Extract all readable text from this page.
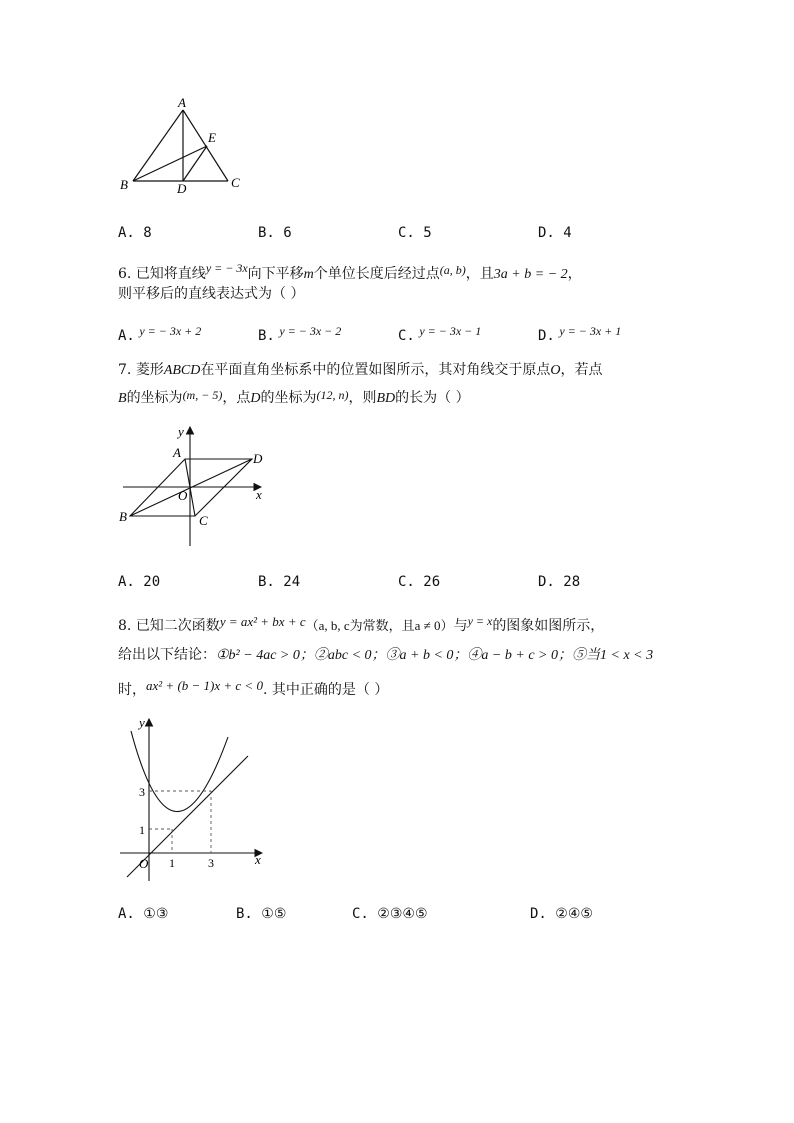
A
E
B	D	C
A. 8	B. 6	C. 5	D. 4
6. 已知将直线y = − 3x向下平移m个单位长度后经过点(a, b)，且3a + b = − 2，
则平移后的直线表达式为（ ）
A. y = − 3x + 2	B. y = − 3x − 2	C. y = − 3x − 1	D. y = − 3x + 1
7. 菱形ABCD在平面直角坐标系中的位置如图所示，其对角线交于原点O，若点
B的坐标为(m, − 5)，点D的坐标为(12, n)，则BD的长为（ ）
y
x
A	D
O
B	C
A. 20	B. 24	C. 26	D. 28
8. 已知二次函数y = ax² + bx + c（a, b, c为常数，且a ≠ 0）与y = x的图象如图所示，
给出以下结论：①b² − 4ac > 0；②abc < 0；③a + b < 0；④a − b + c > 0；⑤当1 < x < 3
时，ax² + (b − 1)x + c < 0. 其中正确的是（ ）
y
x
O
3
1
1	3
A. ①③	B. ①⑤	C. ②③④⑤	D. ②④⑤
